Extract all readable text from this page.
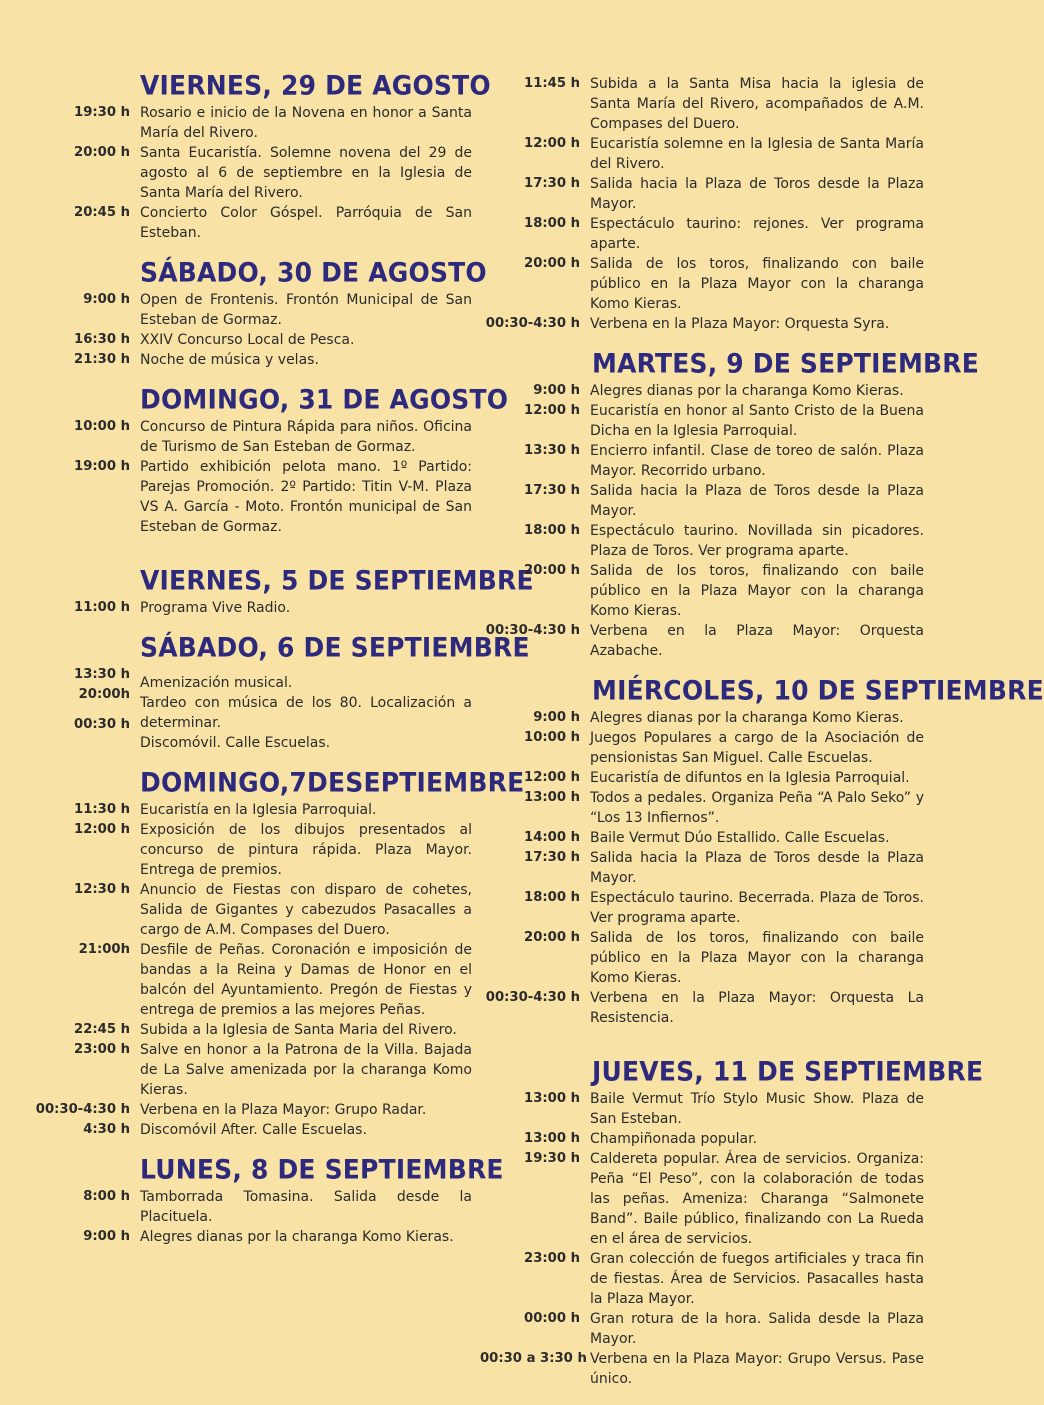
VIERNES, 29 DE AGOSTO
19:30 h Rosario e inicio de la Novena en honor a Santa María del Rivero.
20:00 h Santa Eucaristía. Solemne novena del 29 de agosto al 6 de septiembre en la Iglesia de Santa María del Rivero.
20:45 h Concierto Color Góspel. Parróquia de San Esteban.
SÁBADO, 30 DE AGOSTO
9:00 h Open de Frontenis. Frontón Municipal de San Esteban de Gormaz.
16:30 h XXIV Concurso Local de Pesca.
21:30 h Noche de música y velas.
DOMINGO, 31 DE AGOSTO
10:00 h Concurso de Pintura Rápida para niños. Oficina de Turismo de San Esteban de Gormaz.
19:00 h Partido exhibición pelota mano. 1º Partido: Parejas Promoción. 2º Partido: Titin V-M. Plaza VS A. García - Moto. Frontón municipal de San Esteban de Gormaz.
VIERNES, 5 DE SEPTIEMBRE
11:00 h Programa Vive Radio.
SÁBADO, 6 DE SEPTIEMBRE
13:30 h
20:00h
00:30 h
Amenización musical.
Tardeo con música de los 80. Localización a determinar.
Discomóvil. Calle Escuelas.
DOMINGO,7DESEPTIEMBRE
11:30 h Eucaristía en la Iglesia Parroquial.
12:00 h Exposición de los dibujos presentados al concurso de pintura rápida. Plaza Mayor. Entrega de premios.
12:30 h Anuncio de Fiestas con disparo de cohetes, Salida de Gigantes y cabezudos Pasacalles a cargo de A.M. Compases del Duero.
21:00h Desfile de Peñas. Coronación e imposición de bandas a la Reina y Damas de Honor en el balcón del Ayuntamiento. Pregón de Fiestas y entrega de premios a las mejores Peñas.
22:45 h Subida a la Iglesia de Santa Maria del Rivero.
23:00 h Salve en honor a la Patrona de la Villa. Bajada de La Salve amenizada por la charanga Komo Kieras.
00:30-4:30 h Verbena en la Plaza Mayor: Grupo Radar.
4:30 h Discomóvil After. Calle Escuelas.
LUNES, 8 DE SEPTIEMBRE
8:00 h Tamborrada Tomasina. Salida desde la Placituela.
9:00 h Alegres dianas por la charanga Komo Kieras.
11:45 h Subida a la Santa Misa hacia la iglesia de Santa María del Rivero, acompañados de A.M. Compases del Duero.
12:00 h Eucaristía solemne en la Iglesia de Santa María del Rivero.
17:30 h Salida hacia la Plaza de Toros desde la Plaza Mayor.
18:00 h Espectáculo taurino: rejones. Ver programa aparte.
20:00 h Salida de los toros, finalizando con baile público en la Plaza Mayor con la charanga Komo Kieras.
00:30-4:30 h Verbena en la Plaza Mayor: Orquesta Syra.
MARTES, 9 DE SEPTIEMBRE
9:00 h Alegres dianas por la charanga Komo Kieras.
12:00 h Eucaristía en honor al Santo Cristo de la Buena Dicha en la Iglesia Parroquial.
13:30 h Encierro infantil. Clase de toreo de salón. Plaza Mayor. Recorrido urbano.
17:30 h Salida hacia la Plaza de Toros desde la Plaza Mayor.
18:00 h Espectáculo taurino. Novillada sin picadores. Plaza de Toros. Ver programa aparte.
20:00 h Salida de los toros, finalizando con baile público en la Plaza Mayor con la charanga Komo Kieras.
00:30-4:30 h Verbena en la Plaza Mayor: Orquesta Azabache.
MIÉRCOLES, 10 DE SEPTIEMBRE
9:00 h Alegres dianas por la charanga Komo Kieras.
10:00 h Juegos Populares a cargo de la Asociación de pensionistas San Miguel. Calle Escuelas.
12:00 h Eucaristía de difuntos en la Iglesia Parroquial.
13:00 h Todos a pedales. Organiza Peña “A Palo Seko” y “Los 13 Infiernos”.
14:00 h Baile Vermut Dúo Estallido. Calle Escuelas.
17:30 h Salida hacia la Plaza de Toros desde la Plaza Mayor.
18:00 h Espectáculo taurino. Becerrada. Plaza de Toros. Ver programa aparte.
20:00 h Salida de los toros, finalizando con baile público en la Plaza Mayor con la charanga Komo Kieras.
00:30-4:30 h Verbena en la Plaza Mayor: Orquesta La Resistencia.
JUEVES, 11 DE SEPTIEMBRE
13:00 h Baile Vermut Trío Stylo Music Show. Plaza de San Esteban.
13:00 h Champiñonada popular.
19:30 h Caldereta popular. Área de servicios. Organiza: Peña “El Peso”, con la colaboración de todas las peñas. Ameniza: Charanga “Salmonete Band”. Baile público, finalizando con La Rueda en el área de servicios.
23:00 h Gran colección de fuegos artificiales y traca fin de fiestas. Área de Servicios. Pasacalles hasta la Plaza Mayor.
00:00 h Gran rotura de la hora. Salida desde la Plaza Mayor.
00:30 a 3:30 h Verbena en la Plaza Mayor: Grupo Versus. Pase único.
